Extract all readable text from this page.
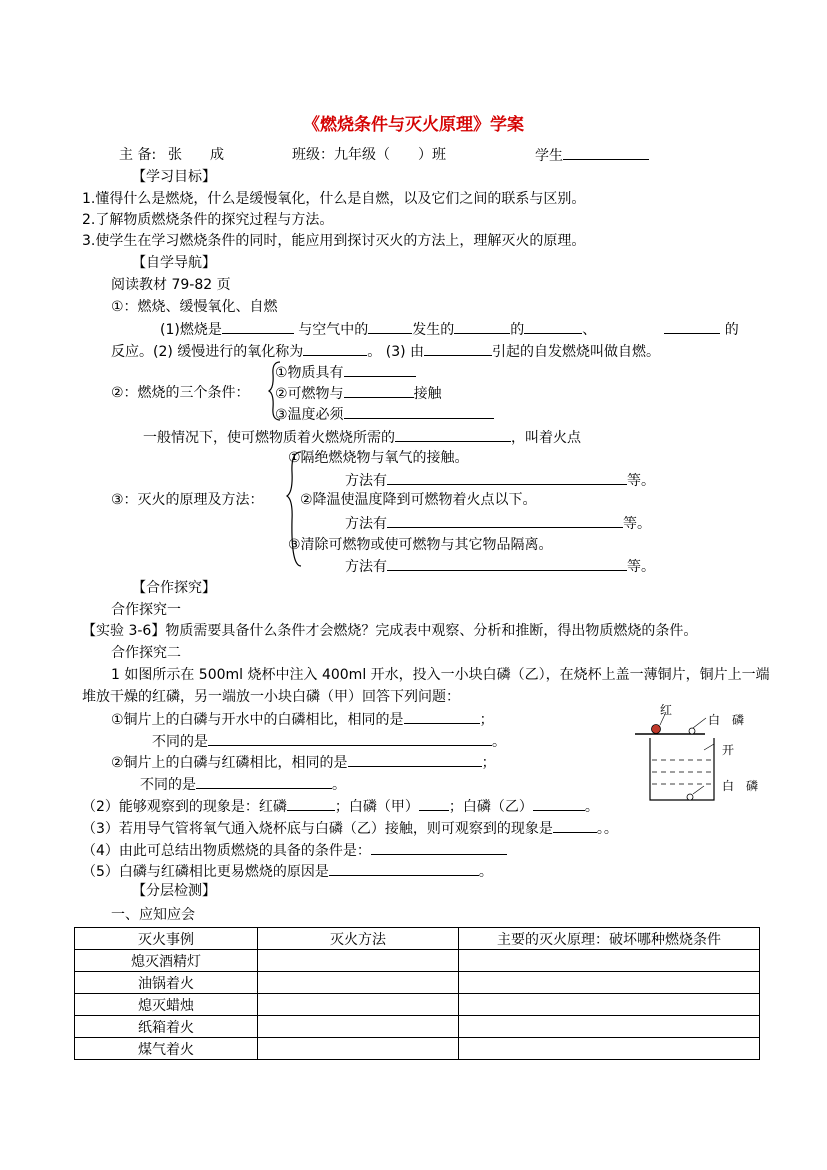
《燃烧条件与灭火原理》学案
主 备: 张　　成	班级：九年级（　　）班	学生
【学习目标】
1.懂得什么是燃烧，什么是缓慢氧化，什么是自燃，以及它们之间的联系与区别。
2.了解物质燃烧条件的探究过程与方法。
3.使学生在学习燃烧条件的同时，能应用到探讨灭火的方法上，理解灭火的原理。
【自学导航】
阅读教材 79-82 页
①：燃烧、缓慢氧化、自燃
(1)燃烧是	与空气中的	发生的	的	、	的
反应。(2) 缓慢进行的氧化称为	。 (3) 由	引起的自发燃烧叫做自燃。
②：燃烧的三个条件：
①物质具有
②可燃物与	接触
③温度必须
一般情况下，使可燃物质着火燃烧所需的	，叫着火点
③：灭火的原理及方法：
①隔绝燃烧物与氧气的接触。
方法有	等。
②降温使温度降到可燃物着火点以下。
方法有	等。
③清除可燃物或使可燃物与其它物品隔离。
方法有	等。
【合作探究】
合作探究一
【实验 3-6】物质需要具备什么条件才会燃烧？完成表中观察、分析和推断，得出物质燃烧的条件。
合作探究二
1 如图所示在 500ml 烧杯中注入 400ml 开水，投入一小块白磷（乙），在烧杯上盖一薄铜片，铜片上一端
堆放干燥的红磷，另一端放一小块白磷（甲）回答下列问题：
①铜片上的白磷与开水中的白磷相比，相同的是	；
不同的是	。
②铜片上的白磷与红磷相比，相同的是	；
不同的是	。
（2）能够观察到的现象是：红磷	；白磷（甲） ；白磷（乙）	。
（3）若用导气管将氧气通入烧杯底与白磷（乙）接触，则可观察到的现象是	。。
（4）由此可总结出物质燃烧的具备的条件是：
（5）白磷与红磷相比更易燃烧的原因是	。
红
白　磷
开
白　磷
【分层检测】
一、应知应会
灭火事例	灭火方法	主要的灭火原理：破坏哪种燃烧条件
熄灭酒精灯		
油锅着火		
熄灭蜡烛		
纸箱着火		
煤气着火		
